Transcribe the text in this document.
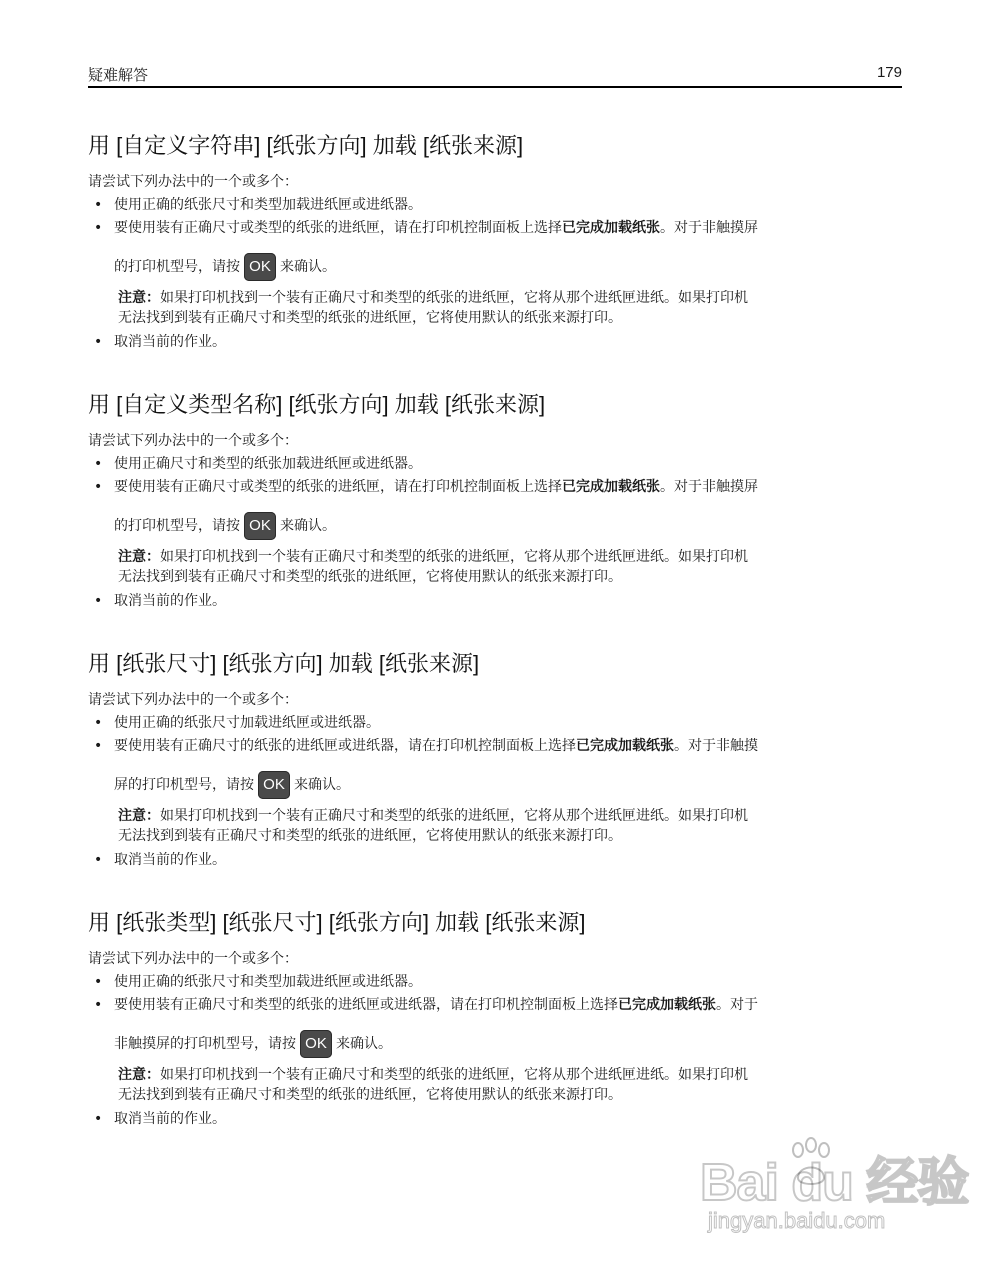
疑难解答	179
用 [自定义字符串] [纸张方向] 加载 [纸张来源]
请尝试下列办法中的一个或多个：
• 使用正确的纸张尺寸和类型加载进纸匣或进纸器。
• 要使用装有正确尺寸或类型的纸张的进纸匣，请在打印机控制面板上选择已完成加载纸张。对于非触摸屏
的打印机型号，请按 OK 来确认。
注意：如果打印机找到一个装有正确尺寸和类型的纸张的进纸匣，它将从那个进纸匣进纸。如果打印机
无法找到到装有正确尺寸和类型的纸张的进纸匣，它将使用默认的纸张来源打印。
• 取消当前的作业。
用 [自定义类型名称] [纸张方向] 加载 [纸张来源]
请尝试下列办法中的一个或多个：
• 使用正确尺寸和类型的纸张加载进纸匣或进纸器。
• 要使用装有正确尺寸或类型的纸张的进纸匣，请在打印机控制面板上选择已完成加载纸张。对于非触摸屏
的打印机型号，请按 OK 来确认。
注意：如果打印机找到一个装有正确尺寸和类型的纸张的进纸匣，它将从那个进纸匣进纸。如果打印机
无法找到到装有正确尺寸和类型的纸张的进纸匣，它将使用默认的纸张来源打印。
• 取消当前的作业。
用 [纸张尺寸] [纸张方向] 加载 [纸张来源]
请尝试下列办法中的一个或多个：
• 使用正确的纸张尺寸加载进纸匣或进纸器。
• 要使用装有正确尺寸的纸张的进纸匣或进纸器，请在打印机控制面板上选择已完成加载纸张。对于非触摸
屏的打印机型号，请按 OK 来确认。
注意：如果打印机找到一个装有正确尺寸和类型的纸张的进纸匣，它将从那个进纸匣进纸。如果打印机
无法找到到装有正确尺寸和类型的纸张的进纸匣，它将使用默认的纸张来源打印。
• 取消当前的作业。
用 [纸张类型] [纸张尺寸] [纸张方向] 加载 [纸张来源]
请尝试下列办法中的一个或多个：
• 使用正确的纸张尺寸和类型加载进纸匣或进纸器。
• 要使用装有正确尺寸和类型的纸张的进纸匣或进纸器，请在打印机控制面板上选择已完成加载纸张。对于
非触摸屏的打印机型号，请按 OK 来确认。
注意：如果打印机找到一个装有正确尺寸和类型的纸张的进纸匣，它将从那个进纸匣进纸。如果打印机
无法找到到装有正确尺寸和类型的纸张的进纸匣，它将使用默认的纸张来源打印。
• 取消当前的作业。
Bai du 经验
jingyan.baidu.com
